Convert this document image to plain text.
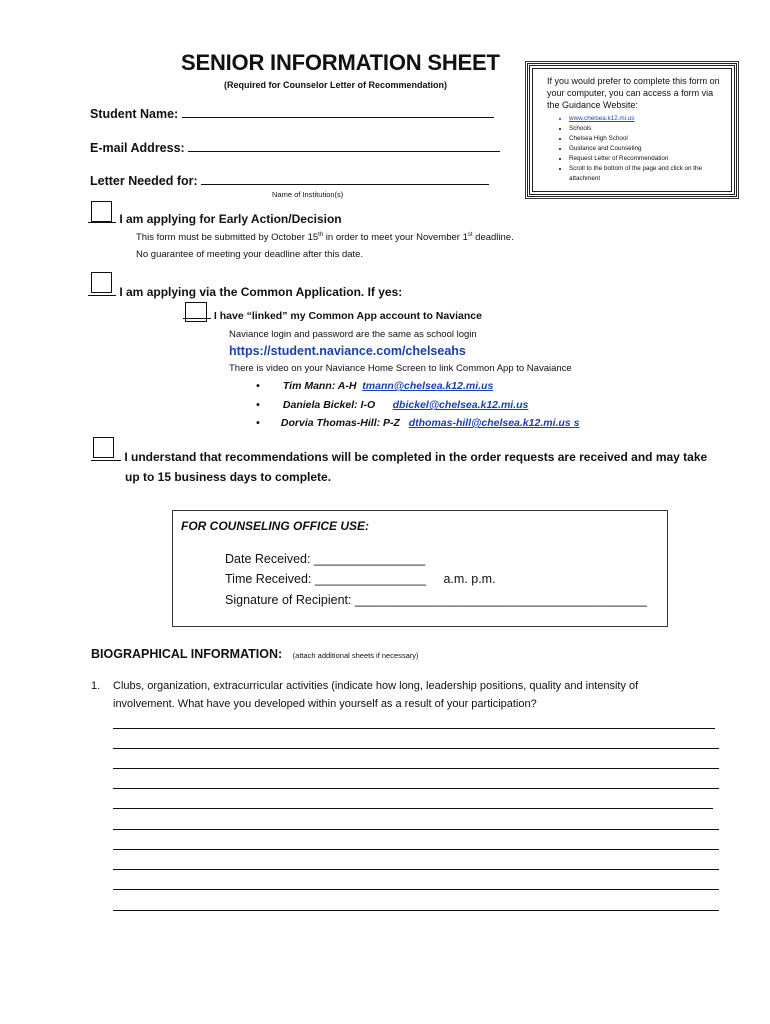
SENIOR INFORMATION SHEET
(Required for Counselor Letter of Recommendation)
Student Name:
E-mail Address:
Letter Needed for:
Name of Institution(s)
If you would prefer to complete this form on your computer, you can access a form via the Guidance Website:
• www.chelsea.k12.mi.us
• Schools
• Chelsea High School
• Guidance and Counseling
• Request Letter of Recommendation
• Scroll to the bottom of the page and click on the attachment
I am applying for Early Action/Decision
This form must be submitted by October 15th in order to meet your November 1st deadline.
No guarantee of meeting your deadline after this date.
I am applying via the Common Application. If yes:
I have “linked” my Common App account to Naviance
Naviance login and password are the same as school login
https://student.naviance.com/chelseahs
There is video on your Naviance Home Screen to link Common App to Navaiance
• Tim Mann: A-H tmann@chelsea.k12.mi.us
• Daniela Bickel: I-O dbickel@chelsea.k12.mi.us
• Dorvia Thomas-Hill: P-Z dthomas-hill@chelsea.k12.mi.us s
I understand that recommendations will be completed in the order requests are received and may take
up to 15 business days to complete.
FOR COUNSELING OFFICE USE:
Date Received: ________________
Time Received: ________________ a.m. p.m.
Signature of Recipient: __________________________________________
BIOGRAPHICAL INFORMATION: (attach additional sheets if necessary)
1. Clubs, organization, extracurricular activities (indicate how long, leadership positions, quality and intensity of
involvement. What have you developed within yourself as a result of your participation?
